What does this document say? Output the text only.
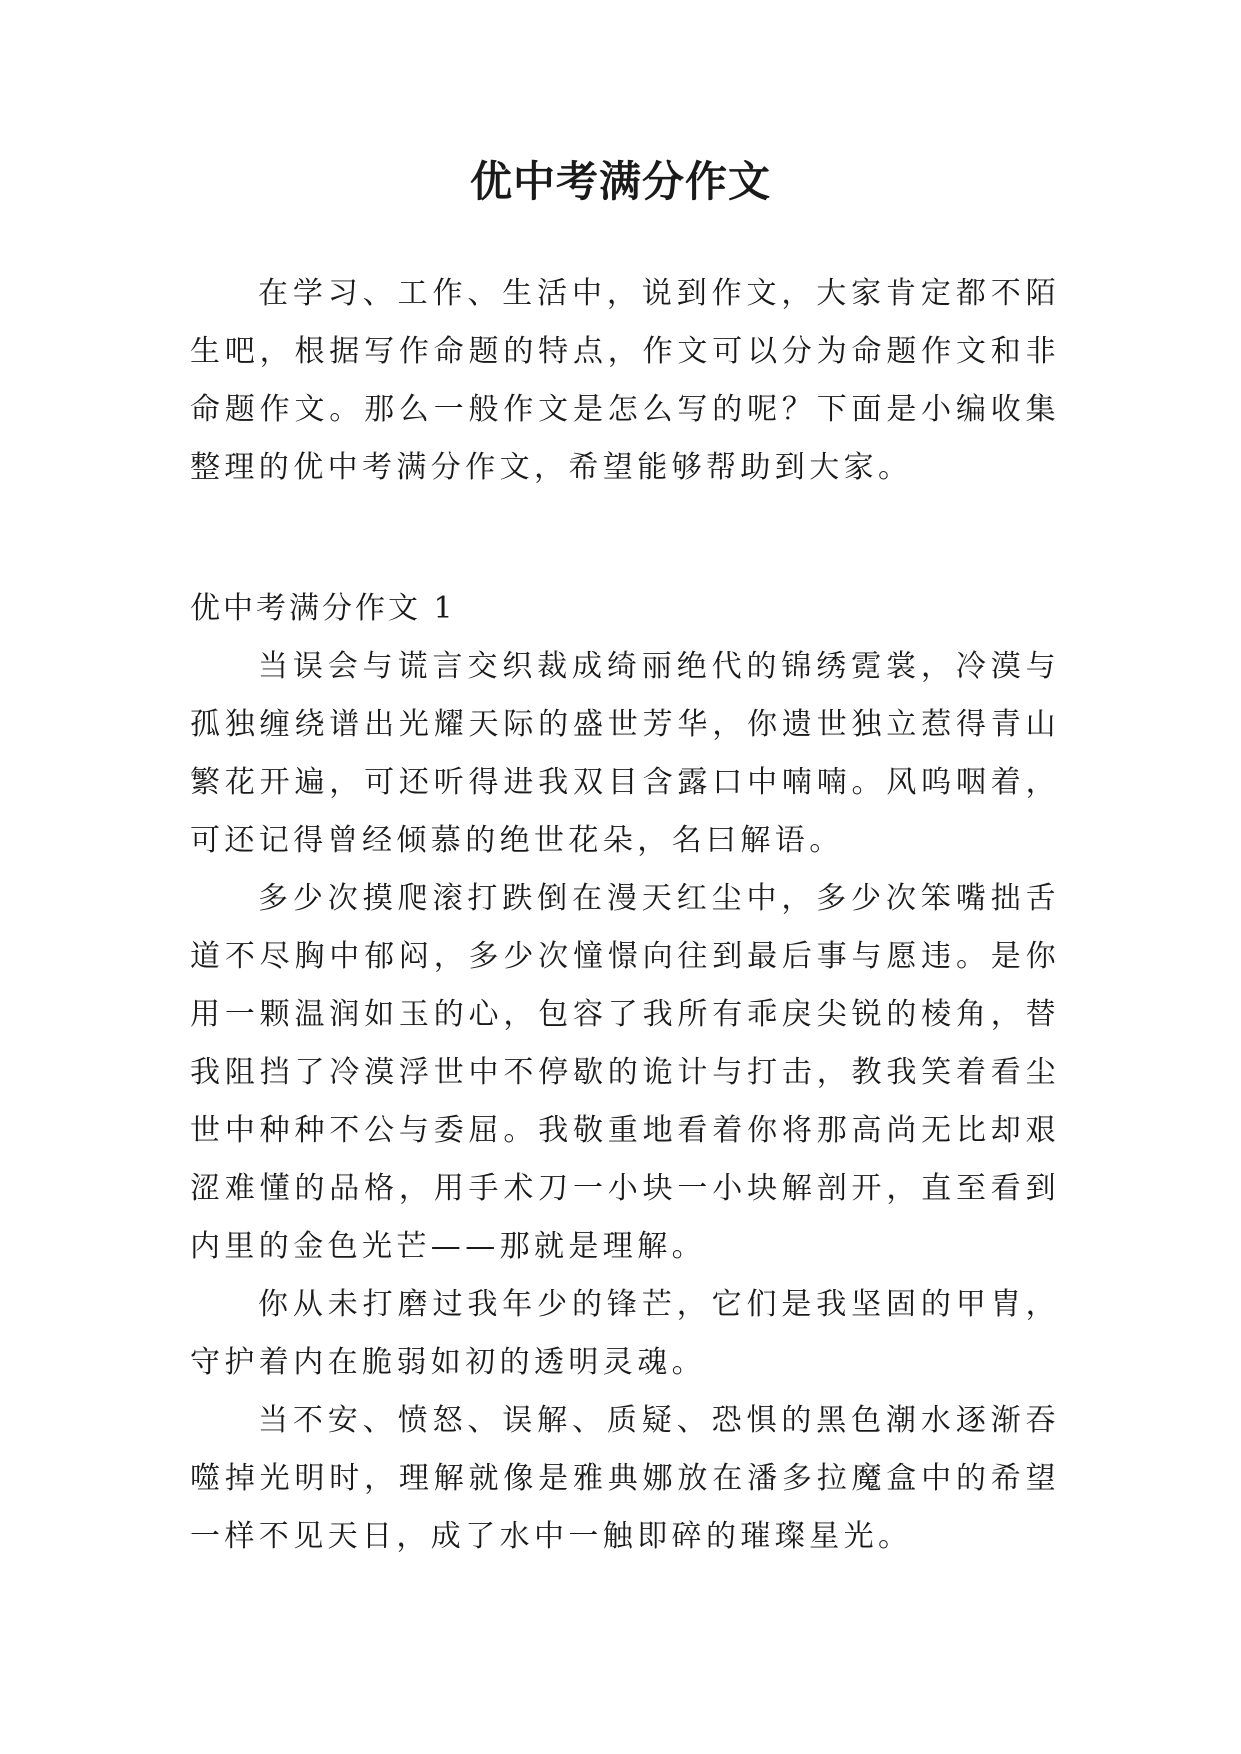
优中考满分作文

在学习、工作、生活中，说到作文，大家肯定都不陌生吧，根据写作命题的特点，作文可以分为命题作文和非命题作文。那么一般作文是怎么写的呢？下面是小编收集整理的优中考满分作文，希望能够帮助到大家。

优中考满分作文 1

当误会与谎言交织裁成绮丽绝代的锦绣霓裳，冷漠与孤独缠绕谱出光耀天际的盛世芳华，你遗世独立惹得青山繁花开遍，可还听得进我双目含露口中喃喃。风呜咽着，可还记得曾经倾慕的绝世花朵，名曰解语。

多少次摸爬滚打跌倒在漫天红尘中，多少次笨嘴拙舌道不尽胸中郁闷，多少次憧憬向往到最后事与愿违。是你用一颗温润如玉的心，包容了我所有乖戾尖锐的棱角，替我阻挡了冷漠浮世中不停歇的诡计与打击，教我笑着看尘世中种种不公与委屈。我敬重地看着你将那高尚无比却艰涩难懂的品格，用手术刀一小块一小块解剖开，直至看到内里的金色光芒——那就是理解。

你从未打磨过我年少的锋芒，它们是我坚固的甲胄，守护着内在脆弱如初的透明灵魂。

当不安、愤怒、误解、质疑、恐惧的黑色潮水逐渐吞噬掉光明时，理解就像是雅典娜放在潘多拉魔盒中的希望一样不见天日，成了水中一触即碎的璀璨星光。
